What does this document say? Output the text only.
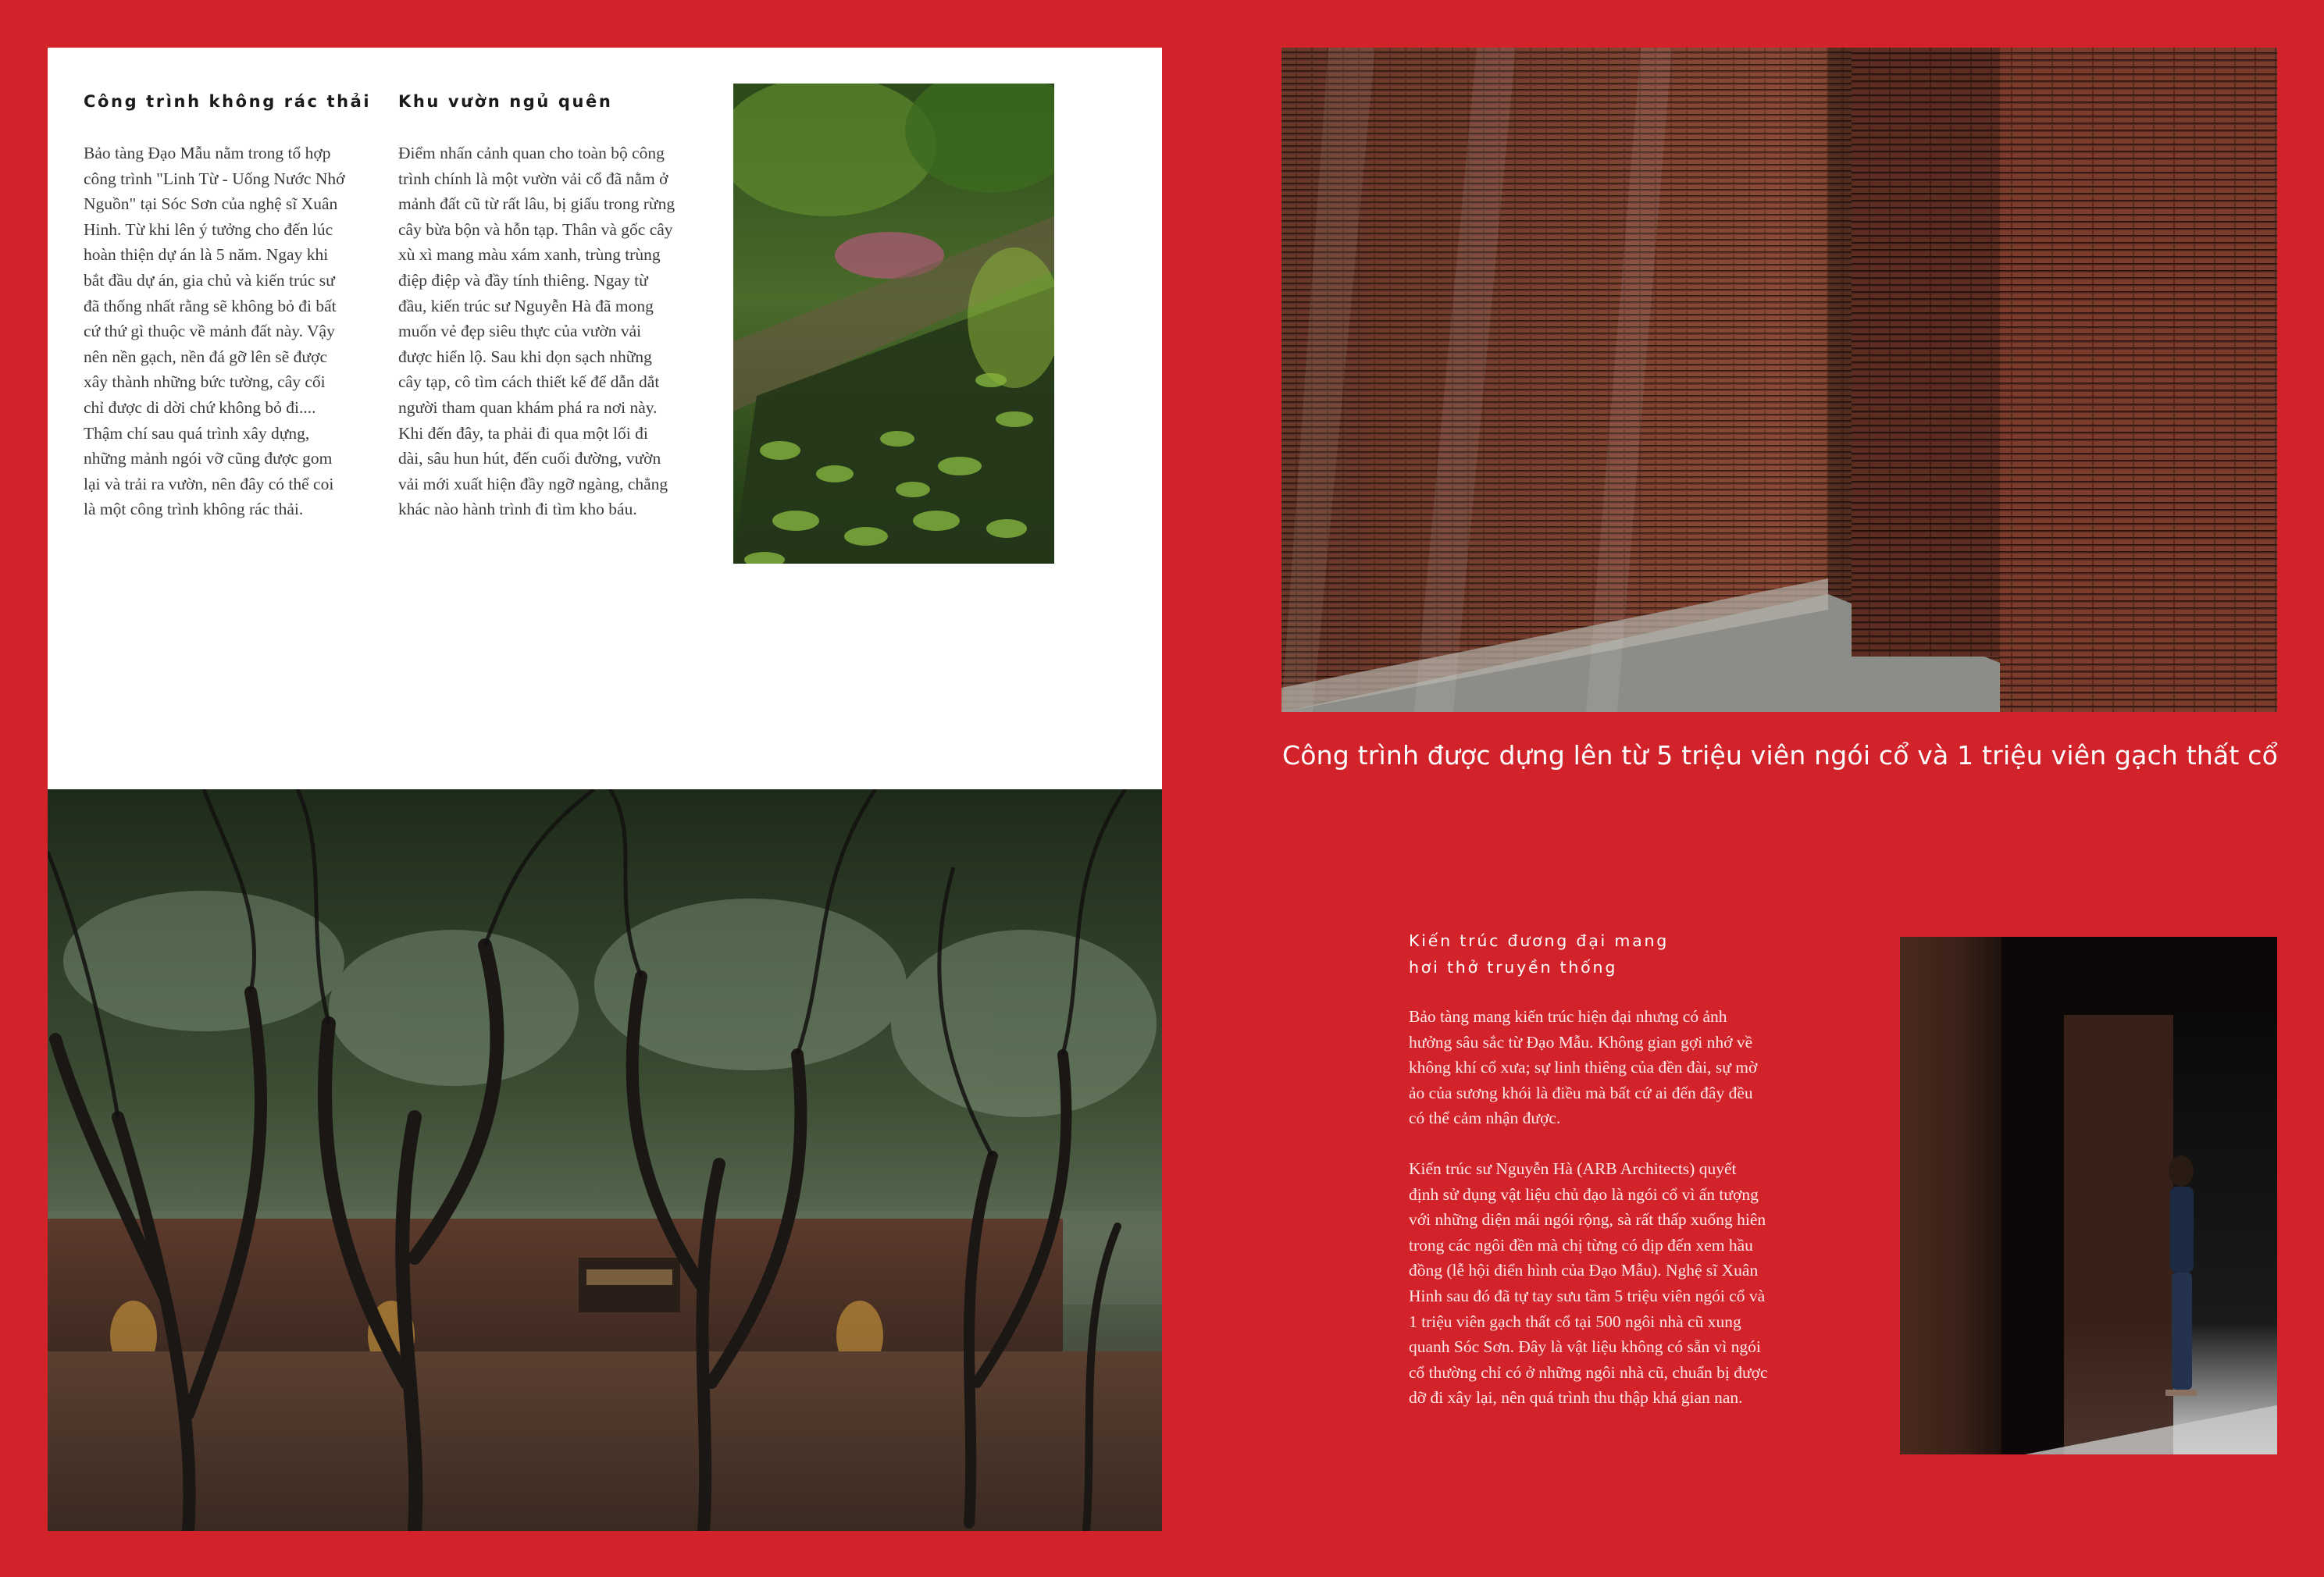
Công trình không rác thải

Bảo tàng Đạo Mẫu nằm trong tổ hợp công trình "Linh Từ - Uống Nước Nhớ Nguồn" tại Sóc Sơn của nghệ sĩ Xuân Hinh. Từ khi lên ý tưởng cho đến lúc hoàn thiện dự án là 5 năm. Ngay khi bắt đầu dự án, gia chủ và kiến trúc sư đã thống nhất rằng sẽ không bỏ đi bất cứ thứ gì thuộc về mảnh đất này. Vậy nên nền gạch, nền đá gỡ lên sẽ được xây thành những bức tường, cây cối chỉ được di dời chứ không bỏ đi.... Thậm chí sau quá trình xây dựng, những mảnh ngói vỡ cũng được gom lại và trải ra vườn, nên đây có thể coi là một công trình không rác thải.

Khu vườn ngủ quên

Điểm nhấn cảnh quan cho toàn bộ công trình chính là một vườn vải cổ đã nằm ở mảnh đất cũ từ rất lâu, bị giấu trong rừng cây bừa bộn và hỗn tạp. Thân và gốc cây xù xì mang màu xám xanh, trùng trùng điệp điệp và đầy tính thiêng. Ngay từ đầu, kiến trúc sư Nguyễn Hà đã mong muốn vẻ đẹp siêu thực của vườn vải được hiển lộ. Sau khi dọn sạch những cây tạp, cô tìm cách thiết kế để dẫn dắt người tham quan khám phá ra nơi này. Khi đến đây, ta phải đi qua một lối đi dài, sâu hun hút, đến cuối đường, vườn vải mới xuất hiện đầy ngỡ ngàng, chẳng khác nào hành trình đi tìm kho báu.

Công trình được dựng lên từ 5 triệu viên ngói cổ và 1 triệu viên gạch thất cổ

Kiến trúc đương đại mang

hơi thở truyền thống

Bảo tàng mang kiến trúc hiện đại nhưng có ảnh hưởng sâu sắc từ Đạo Mẫu. Không gian gợi nhớ về không khí cổ xưa; sự linh thiêng của đền đài, sự mờ ảo của sương khói là điều mà bất cứ ai đến đây đều có thể cảm nhận được.

Kiến trúc sư Nguyễn Hà (ARB Architects) quyết định sử dụng vật liệu chủ đạo là ngói cổ vì ấn tượng với những diện mái ngói rộng, sà rất thấp xuống hiên trong các ngôi đền mà chị từng có dịp đến xem hầu đồng (lễ hội điển hình của Đạo Mẫu). Nghệ sĩ Xuân Hinh sau đó đã tự tay sưu tầm 5 triệu viên ngói cổ và 1 triệu viên gạch thất cổ tại 500 ngôi nhà cũ xung quanh Sóc Sơn. Đây là vật liệu không có sẵn vì ngói cổ thường chỉ có ở những ngôi nhà cũ, chuẩn bị được dỡ đi xây lại, nên quá trình thu thập khá gian nan.
